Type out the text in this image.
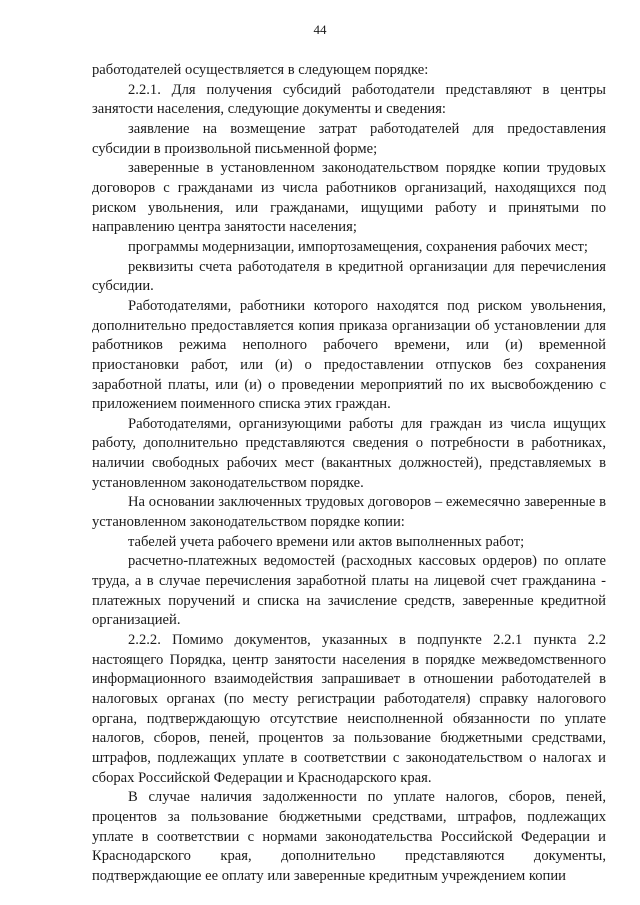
44

работодателей осуществляется в следующем порядке:

2.2.1. Для получения субсидий работодатели представляют в центры занятости населения, следующие документы и сведения:

заявление на возмещение затрат работодателей для предоставления субсидии в произвольной письменной форме;

заверенные в установленном законодательством порядке копии трудовых договоров с гражданами из числа работников организаций, находящихся под риском увольнения, или гражданами, ищущими работу и принятыми по направлению центра занятости населения;

программы модернизации, импортозамещения, сохранения рабочих мест;

реквизиты счета работодателя в кредитной организации для перечисления субсидии.

Работодателями, работники которого находятся под риском увольнения, дополнительно предоставляется копия приказа организации об установлении для работников режима неполного рабочего времени, или (и) временной приостановки работ, или (и) о предоставлении отпусков без сохранения заработной платы, или (и) о проведении мероприятий по их высвобождению с приложением поименного списка этих граждан.

Работодателями, организующими работы для граждан из числа ищущих работу, дополнительно представляются сведения о потребности в работниках, наличии свободных рабочих мест (вакантных должностей), представляемых в установленном законодательством порядке.

На основании заключенных трудовых договоров – ежемесячно заверенные в установленном законодательством порядке копии:

табелей учета рабочего времени или актов выполненных работ;

расчетно-платежных ведомостей (расходных кассовых ордеров) по оплате труда, а в случае перечисления заработной платы на лицевой счет гражданина - платежных поручений и списка на зачисление средств, заверенные кредитной организацией.

2.2.2. Помимо документов, указанных в подпункте 2.2.1 пункта 2.2 настоящего Порядка, центр занятости населения в порядке межведомственного информационного взаимодействия запрашивает в отношении работодателей в налоговых органах (по месту регистрации работодателя) справку налогового органа, подтверждающую отсутствие неисполненной обязанности по уплате налогов, сборов, пеней, процентов за пользование бюджетными средствами, штрафов, подлежащих уплате в соответствии с законодательством о налогах и сборах Российской Федерации и Краснодарского края.

В случае наличия задолженности по уплате налогов, сборов, пеней, процентов за пользование бюджетными средствами, штрафов, подлежащих уплате в соответствии с нормами законодательства Российской Федерации и Краснодарского края, дополнительно представляются документы, подтверждающие ее оплату или заверенные кредитным учреждением копии
